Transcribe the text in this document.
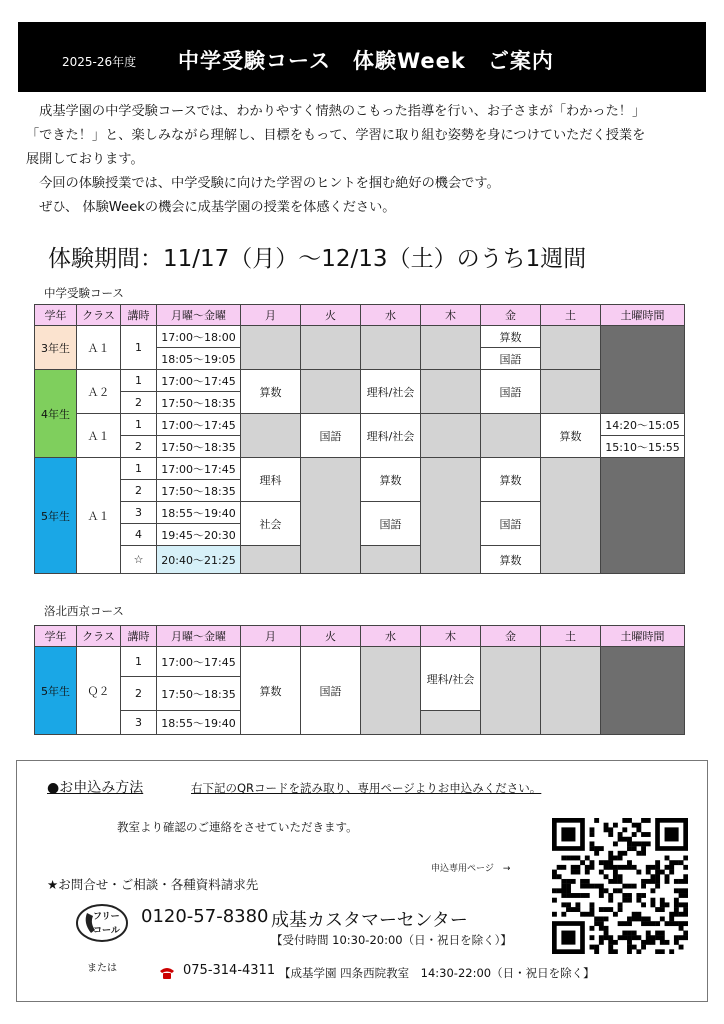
2025-26年度 中学受験コース　体験Week　ご案内

　成基学園の中学受験コースでは、わかりやすく情熱のこもった指導を行い、お子さまが「わかった！」

「できた！」と、楽しみながら理解し、目標をもって、学習に取り組む姿勢を身につけていただく授業を

展開しております。

　今回の体験授業では、中学受験に向けた学習のヒントを掴む絶好の機会です。

　ぜひ、 体験Weekの機会に成基学園の授業を体感ください。

体験期間：11/17（月）～12/13（土）のうち1週間
中学受験コース
学年	クラス	講時	月曜～金曜	月	火	水	木	金	土	土曜時間
3年生	Ａ１	1	17:00～18:00					算数		
			18:05～19:05					国語		
4年生	Ａ２	1	17:00～17:45	算数		理科/社会		国語		
		2	17:50～18:35							
	Ａ１	1	17:00～17:45		国語	理科/社会			算数	14:20～15:05
		2	17:50～18:35							15:10～15:55
5年生	Ａ１	1	17:00～17:45	理科		算数		算数		
		2	17:50～18:35							
		3	18:55～19:40	社会		国語		国語		
		4	19:45～20:30							
		☆	20:40～21:25					算数		
洛北西京コース
学年	クラス	講時	月曜～金曜	月	火	水	木	金	土	土曜時間
5年生	Ｑ２	1	17:00～17:45	算数	国語		理科/社会			
		2	17:50～18:35							
		3	18:55～19:40							
●お申込み方法	右下記のQRコードを読み取り、専用ページよりお申込みください。
教室より確認のご連絡をさせていただきます。
申込専用ページ　→
★お問合せ・ご相談・各種資料請求先
フリー
コール
0120-57-8380 成基カスタマーセンター
【受付時間 10:30-20:00（日・祝日を除く）】
または	075-314-4311 【成基学園 四条西院教室　14:30-22:00（日・祝日を除く】
